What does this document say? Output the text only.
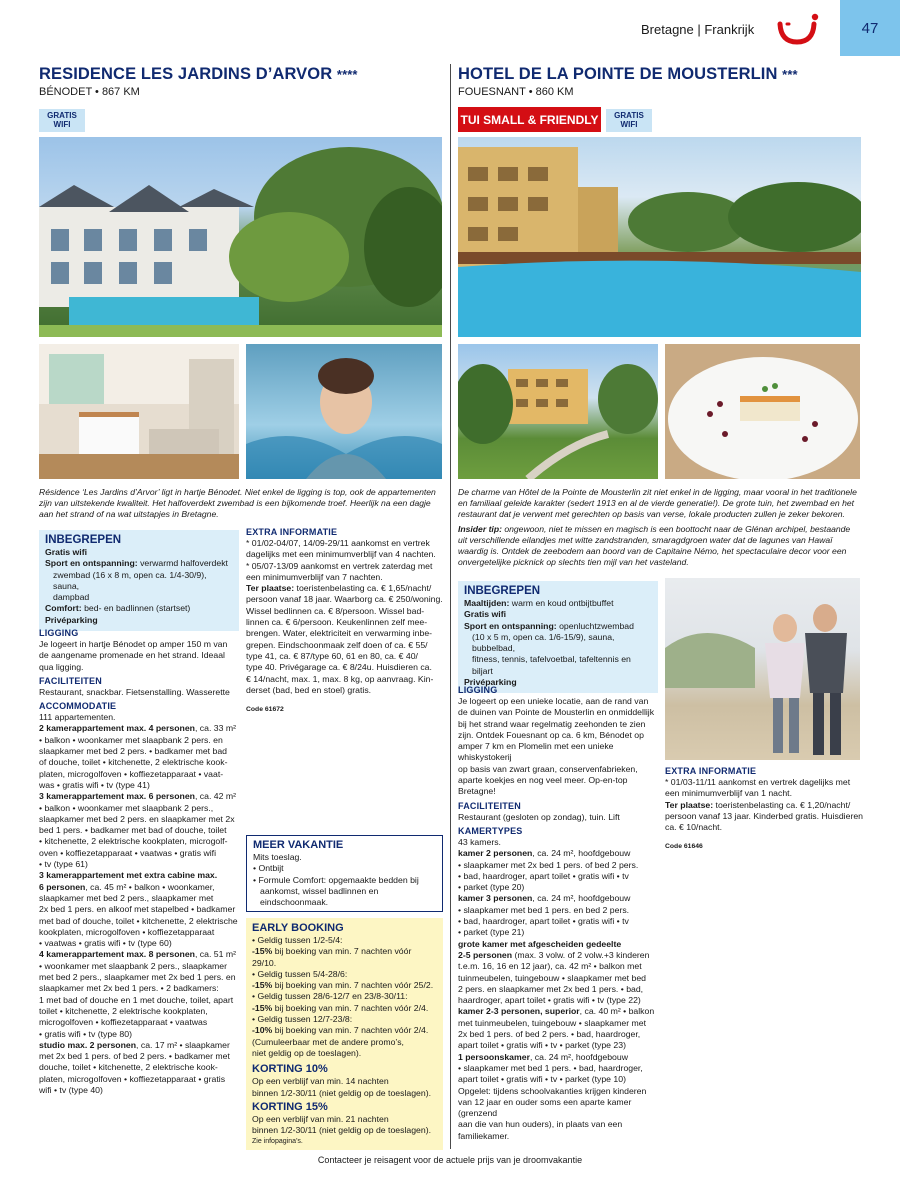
Bretagne | Frankrijk	47
RESIDENCE LES JARDINS D’ARVOR ****
BÉNODET • 867 KM
GRATIS
WIFI
Résidence ‘Les Jardins d’Arvor’ ligt in hartje Bénodet. Niet enkel de ligging is top, ook de appartementen zijn van uitstekende kwaliteit. Het halfoverdekt zwembad is een bijkomende troef. Heerlijk na een dagje aan het strand of na wat uitstapjes in Bretagne.
INBEGREPEN
Gratis wifi
Sport en ontspanning: verwarmd halfoverdekt
zwembad (16 x 8 m, open ca. 1/4-30/9), sauna,
dampbad
Comfort: bed- en badlinnen (startset)
Privéparking
LIGGING
Je logeert in hartje Bénodet op amper 150 m van
de aangename promenade en het strand. Ideaal
qua ligging.
FACILITEITEN
Restaurant, snackbar. Fietsenstalling. Wasserette
ACCOMMODATIE
111 appartementen.
2 kamerappartement max. 4 personen, ca. 33 m²
• balkon • woonkamer met slaapbank 2 pers. en
slaapkamer met bed 2 pers. • badkamer met bad
of douche, toilet • kitchenette, 2 elektrische kook-
platen, microgolfoven • koffiezetapparaat • vaat-
was • gratis wifi • tv (type 41)
3 kamerappartement max. 6 personen, ca. 42 m²
• balkon • woonkamer met slaapbank 2 pers.,
slaapkamer met bed 2 pers. en slaapkamer met 2x
bed 1 pers. • badkamer met bad of douche, toilet
• kitchenette, 2 elektrische kookplaten, microgolf-
oven • koffiezetapparaat • vaatwas • gratis wifi
• tv (type 61)
3 kamerappartement met extra cabine max.
6 personen, ca. 45 m² • balkon • woonkamer,
slaapkamer met bed 2 pers., slaapkamer met
2x bed 1 pers. en alkoof met stapelbed • badkamer
met bad of douche, toilet • kitchenette, 2 elektrische
kookplaten, microgolfoven • koffiezetapparaat
• vaatwas • gratis wifi • tv (type 60)
4 kamerappartement max. 8 personen, ca. 51 m²
• woonkamer met slaapbank 2 pers., slaapkamer
met bed 2 pers., slaapkamer met 2x bed 1 pers. en
slaapkamer met 2x bed 1 pers. • 2 badkamers:
1 met bad of douche en 1 met douche, toilet, apart
toilet • kitchenette, 2 elektrische kookplaten,
microgolfoven • koffiezetapparaat • vaatwas
• gratis wifi • tv (type 80)
studio max. 2 personen, ca. 17 m² • slaapkamer
met 2x bed 1 pers. of bed 2 pers. • badkamer met
douche, toilet • kitchenette, 2 elektrische kook-
platen, microgolfoven • koffiezetapparaat • gratis
wifi • tv (type 40)
EXTRA INFORMATIE
* 01/02-04/07, 14/09-29/11 aankomst en vertrek
dagelijks met een minimumverblijf van 4 nachten.
* 05/07-13/09 aankomst en vertrek zaterdag met
een minimumverblijf van 7 nachten.
Ter plaatse: toeristenbelasting ca. € 1,65/nacht/
persoon vanaf 18 jaar. Waarborg ca. € 250/woning.
Wissel bedlinnen ca. € 8/persoon. Wissel bad-
linnen ca. € 6/persoon. Keukenlinnen zelf mee-
brengen. Water, elektriciteit en verwarming inbe-
grepen. Eindschoonmaak zelf doen of ca. € 55/
type 41, ca. € 87/type 60, 61 en 80, ca. € 40/
type 40. Privégarage ca. € 8/24u. Huisdieren ca.
€ 14/nacht, max. 1, max. 8 kg, op aanvraag. Kin-
derset (bad, bed en stoel) gratis.
Code 61672
MEER VAKANTIE
Mits toeslag.
• Ontbijt
• Formule Comfort: opgemaakte bedden bij
aankomst, wissel badlinnen en eindschoonmaak.
EARLY BOOKING
• Geldig tussen 1/2-5/4:
-15% bij boeking van min. 7 nachten vóór 29/10.
• Geldig tussen 5/4-28/6:
-15% bij boeking van min. 7 nachten vóór 25/2.
• Geldig tussen 28/6-12/7 en 23/8-30/11:
-15% bij boeking van min. 7 nachten vóór 2/4.
• Geldig tussen 12/7-23/8:
-10% bij boeking van min. 7 nachten vóór 2/4.
(Cumuleerbaar met de andere promo’s,
niet geldig op de toeslagen).
KORTING 10%
Op een verblijf van min. 14 nachten
binnen 1/2-30/11 (niet geldig op de toeslagen).
KORTING 15%
Op een verblijf van min. 21 nachten
binnen 1/2-30/11 (niet geldig op de toeslagen).
Zie infopagina’s.
HOTEL DE LA POINTE DE MOUSTERLIN ***
FOUESNANT • 860 KM
TUI SMALL & FRIENDLY	GRATIS
WIFI
De charme van Hôtel de la Pointe de Mousterlin zit niet enkel in de ligging, maar vooral in het traditionele en familiaal geleide karakter (sedert 1913 en al de vierde generatie!). De grote tuin, het zwembad en het restaurant dat je verwent met gerechten op basis van verse, lokale producten zullen je zeker bekoren.
Insider tip: ongewoon, niet te missen en magisch is een boottocht naar de Glénan archipel, bestaande uit verschillende eilandjes met witte zandstranden, smaragdgroen water dat de lagunes van Hawaï waardig is. Ontdek de zeebodem aan boord van de Capitaine Némo, het spectaculaire decor voor een onvergetelijke picknick op slechts tien mijl van het vasteland.
INBEGREPEN
Maaltijden: warm en koud ontbijtbuffet
Gratis wifi
Sport en ontspanning: openluchtzwembad
(10 x 5 m, open ca. 1/6-15/9), sauna, bubbelbad,
fitness, tennis, tafelvoetbal, tafeltennis en biljart
Privéparking
LIGGING
Je logeert op een unieke locatie, aan de rand van
de duinen van Pointe de Mousterlin en onmiddellijk
bij het strand waar regelmatig zeehonden te zien
zijn. Ontdek Fouesnant op ca. 6 km, Bénodet op
amper 7 km en Plomelin met een unieke whiskystokerij
op basis van zwart graan, conservenfabrieken,
aparte koekjes en nog veel meer. Op-en-top
Bretagne!
FACILITEITEN
Restaurant (gesloten op zondag), tuin. Lift
KAMERTYPES
43 kamers.
kamer 2 personen, ca. 24 m², hoofdgebouw
• slaapkamer met 2x bed 1 pers. of bed 2 pers.
• bad, haardroger, apart toilet • gratis wifi • tv
• parket (type 20)
kamer 3 personen, ca. 24 m², hoofdgebouw
• slaapkamer met bed 1 pers. en bed 2 pers.
• bad, haardroger, apart toilet • gratis wifi • tv
• parket (type 21)
grote kamer met afgescheiden gedeelte
2-5 personen (max. 3 volw. of 2 volw.+3 kinderen
t.e.m. 16, 16 en 12 jaar), ca. 42 m² • balkon met
tuinmeubelen, tuingebouw • slaapkamer met bed
2 pers. en slaapkamer met 2x bed 1 pers. • bad,
haardroger, apart toilet • gratis wifi • tv (type 22)
kamer 2-3 personen, superior, ca. 40 m² • balkon
met tuinmeubelen, tuingebouw • slaapkamer met
2x bed 1 pers. of bed 2 pers. • bad, haardroger,
apart toilet • gratis wifi • tv • parket (type 23)
1 persoonskamer, ca. 24 m², hoofdgebouw
• slaapkamer met bed 1 pers. • bad, haardroger,
apart toilet • gratis wifi • tv • parket (type 10)
Opgelet: tijdens schoolvakanties krijgen kinderen
van 12 jaar en ouder soms een aparte kamer (grenzend
aan die van hun ouders), in plaats van een familiekamer.
EXTRA INFORMATIE
* 01/03-11/11 aankomst en vertrek dagelijks met
een minimumverblijf van 1 nacht.
Ter plaatse: toeristenbelasting ca. € 1,20/nacht/
persoon vanaf 13 jaar. Kinderbed gratis. Huisdieren
ca. € 10/nacht.
Code 61646
Contacteer je reisagent voor de actuele prijs van je droomvakantie
